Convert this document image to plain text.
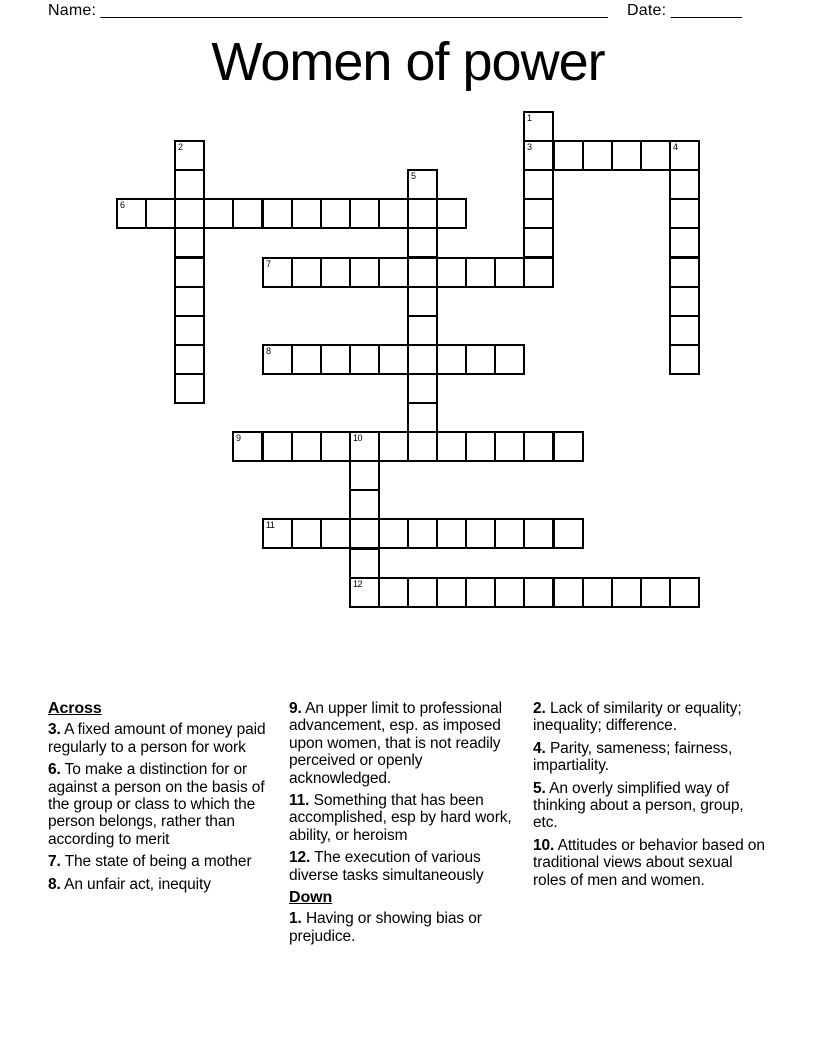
Name: _________________________________________________________ Date: ________
Women of power
3	4
6
7
8
9	10
11
12
1
2
5
Across

3. A fixed amount of money paid regularly to a person for work

6. To make a distinction for or against a person on the basis of the group or class to which the person belongs, rather than according to merit

7. The state of being a mother

8. An unfair act, inequity

9. An upper limit to professional advancement, esp. as imposed upon women, that is not readily perceived or openly acknowledged.

11. Something that has been accomplished, esp by hard work, ability, or heroism

12. The execution of various diverse tasks simultaneously

Down

1. Having or showing bias or prejudice.

2. Lack of similarity or equality; inequality; difference.

4. Parity, sameness; fairness, impartiality.

5. An overly simplified way of thinking about a person, group, etc.

10. Attitudes or behavior based on traditional views about sexual roles of men and women.
